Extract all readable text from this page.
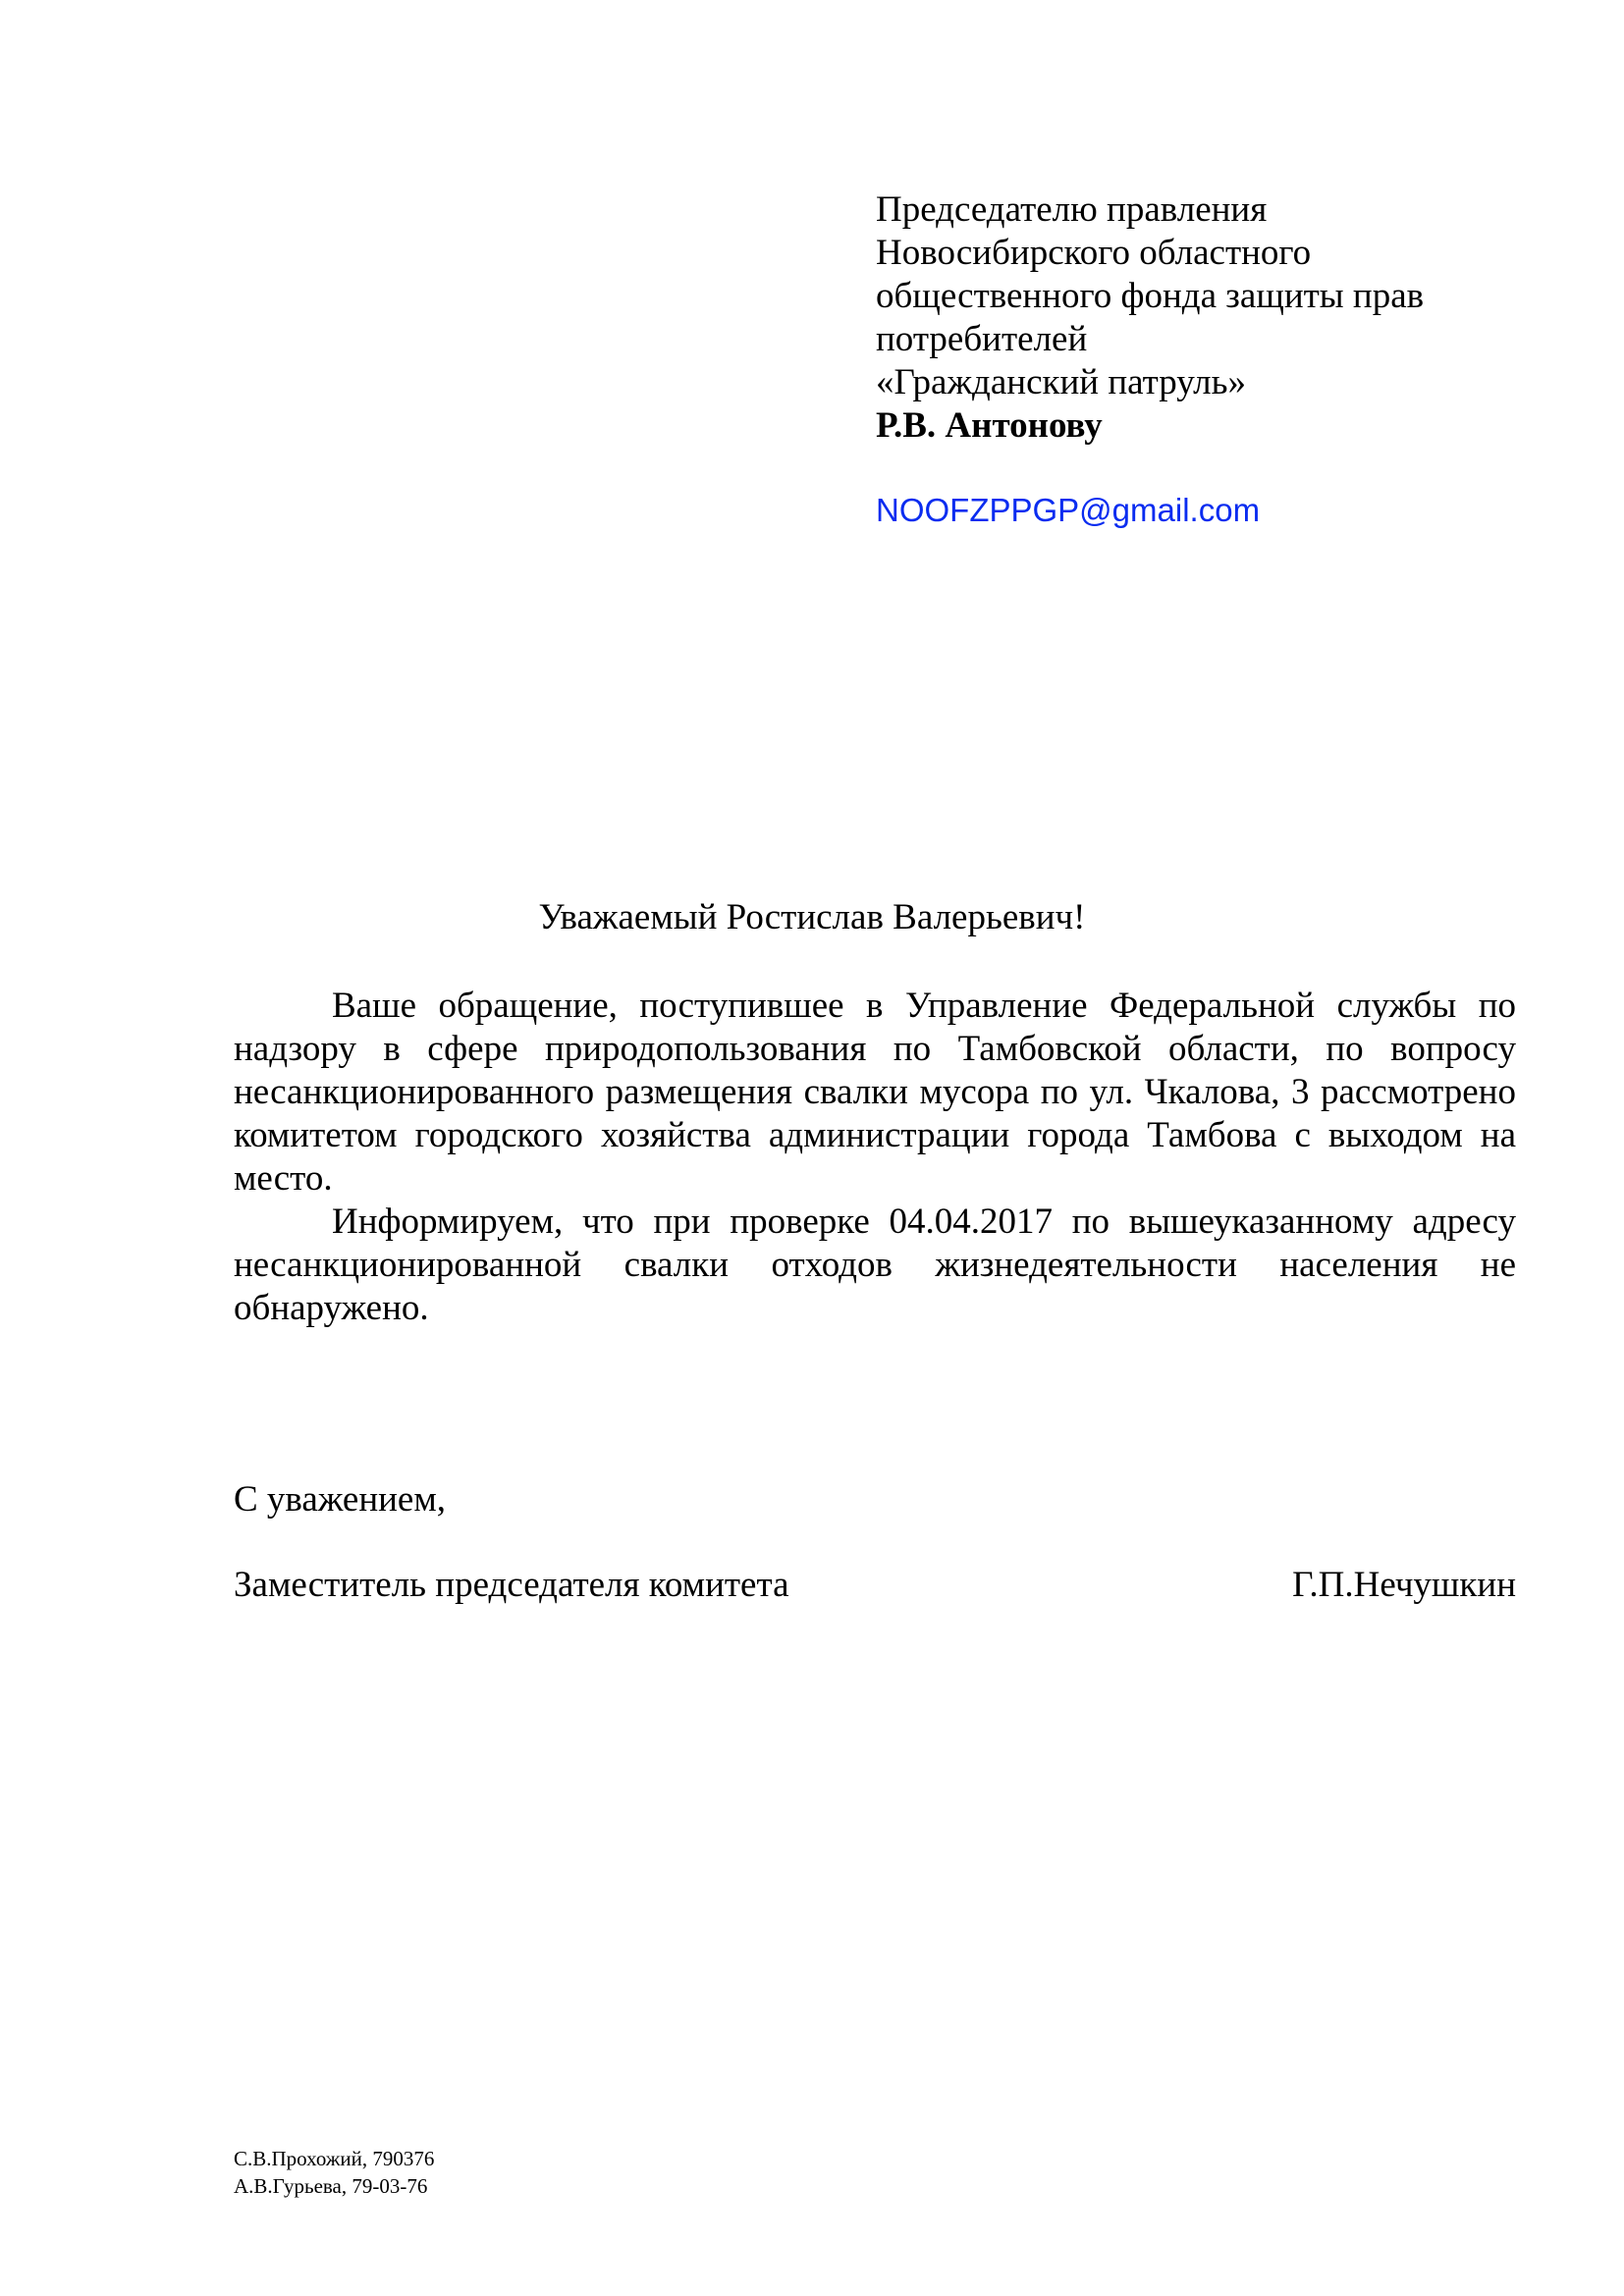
Председателю правления
Новосибирского областного
общественного фонда защиты прав
потребителей
«Гражданский патруль»
Р.В. Антонову
NOOFZPPGP@gmail.com
Уважаемый Ростислав Валерьевич!

Ваше обращение, поступившее в Управление Федеральной службы по надзору в сфере природопользования по Тамбовской области, по вопросу несанкционированного размещения свалки мусора по ул. Чкалова, 3 рассмотрено комитетом городского хозяйства администрации города Тамбова с выходом на место.

Информируем, что при проверке 04.04.2017 по вышеуказанному адресу несанкционированной свалки отходов жизнедеятельности населения не обнаружено.

С уважением,
Заместитель председателя комитета	Г.П.Нечушкин
С.В.Прохожий, 790376
А.В.Гурьева, 79-03-76
